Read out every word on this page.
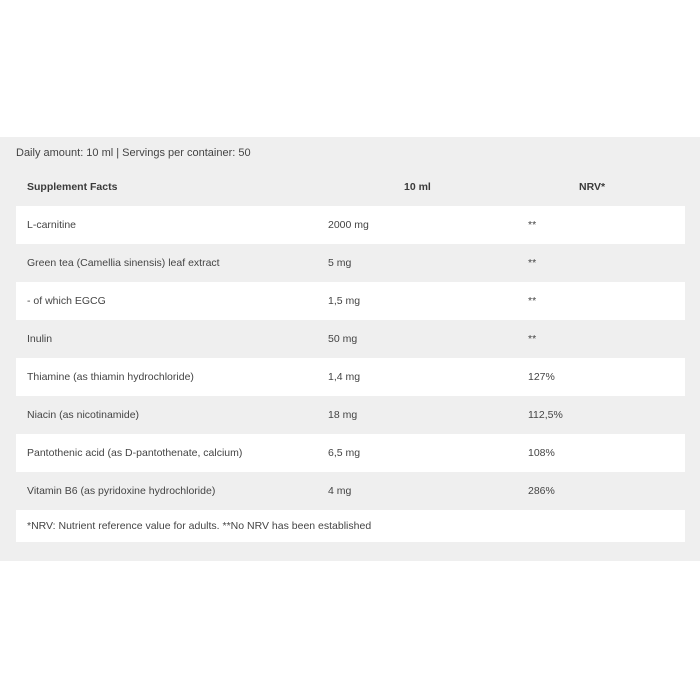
Daily amount: 10 ml | Servings per container: 50
Supplement Facts	10 ml	NRV*
L-carnitine	2000 mg	**
Green tea (Camellia sinensis) leaf extract	5 mg	**
- of which EGCG	1,5 mg	**
Inulin	50 mg	**
Thiamine (as thiamin hydrochloride)	1,4 mg	127%
Niacin (as nicotinamide)	18 mg	112,5%
Pantothenic acid (as D-pantothenate, calcium)	6,5 mg	108%
Vitamin B6 (as pyridoxine hydrochloride)	4 mg	286%
*NRV: Nutrient reference value for adults. **No NRV has been established		
